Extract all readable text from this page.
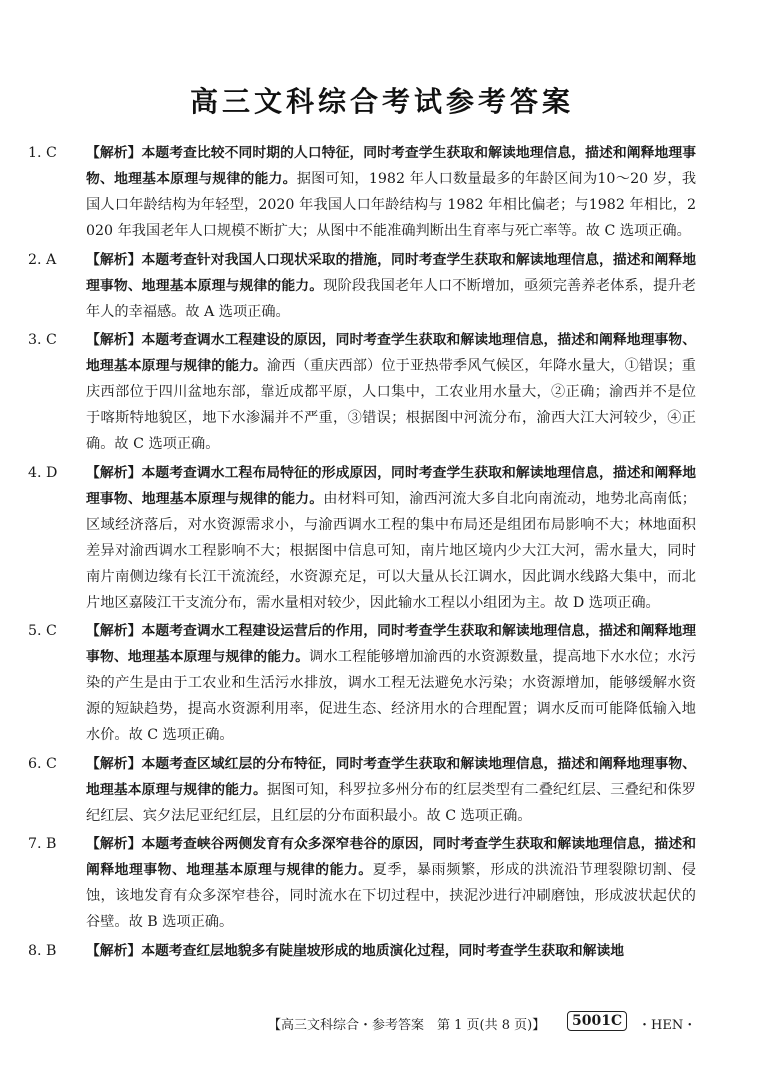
高三文科综合考试参考答案
1. C	【解析】本题考查比较不同时期的人口特征，同时考查学生获取和解读地理信息，描述和阐释地理事物、地理基本原理与规律的能力。据图可知，1982 年人口数量最多的年龄区间为10～20 岁，我国人口年龄结构为年轻型，2020 年我国人口年龄结构与 1982 年相比偏老；与1982 年相比，2020 年我国老年人口规模不断扩大；从图中不能准确判断出生育率与死亡率等。故 C 选项正确。
2. A	【解析】本题考查针对我国人口现状采取的措施，同时考查学生获取和解读地理信息，描述和阐释地理事物、地理基本原理与规律的能力。现阶段我国老年人口不断增加，亟须完善养老体系，提升老年人的幸福感。故 A 选项正确。
3. C	【解析】本题考查调水工程建设的原因，同时考查学生获取和解读地理信息，描述和阐释地理事物、地理基本原理与规律的能力。渝西（重庆西部）位于亚热带季风气候区，年降水量大，①错误；重庆西部位于四川盆地东部，靠近成都平原，人口集中，工农业用水量大，②正确；渝西并不是位于喀斯特地貌区，地下水渗漏并不严重，③错误；根据图中河流分布，渝西大江大河较少，④正确。故 C 选项正确。
4. D	【解析】本题考查调水工程布局特征的形成原因，同时考查学生获取和解读地理信息，描述和阐释地理事物、地理基本原理与规律的能力。由材料可知，渝西河流大多自北向南流动，地势北高南低；区域经济落后，对水资源需求小，与渝西调水工程的集中布局还是组团布局影响不大；林地面积差异对渝西调水工程影响不大；根据图中信息可知，南片地区境内少大江大河，需水量大，同时南片南侧边缘有长江干流流经，水资源充足，可以大量从长江调水，因此调水线路大集中，而北片地区嘉陵江干支流分布，需水量相对较少，因此输水工程以小组团为主。故 D 选项正确。
5. C	【解析】本题考查调水工程建设运营后的作用，同时考查学生获取和解读地理信息，描述和阐释地理事物、地理基本原理与规律的能力。调水工程能够增加渝西的水资源数量，提高地下水水位；水污染的产生是由于工农业和生活污水排放，调水工程无法避免水污染；水资源增加，能够缓解水资源的短缺趋势，提高水资源利用率，促进生态、经济用水的合理配置；调水反而可能降低输入地水价。故 C 选项正确。
6. C	【解析】本题考查区域红层的分布特征，同时考查学生获取和解读地理信息，描述和阐释地理事物、地理基本原理与规律的能力。据图可知，科罗拉多州分布的红层类型有二叠纪红层、三叠纪和侏罗纪红层、宾夕法尼亚纪红层，且红层的分布面积最小。故 C 选项正确。
7. B	【解析】本题考查峡谷两侧发育有众多深窄巷谷的原因，同时考查学生获取和解读地理信息，描述和阐释地理事物、地理基本原理与规律的能力。夏季，暴雨频繁，形成的洪流沿节理裂隙切割、侵蚀，该地发育有众多深窄巷谷，同时流水在下切过程中，挟泥沙进行冲刷磨蚀，形成波状起伏的谷壁。故 B 选项正确。
8. B	【解析】本题考查红层地貌多有陡崖坡形成的地质演化过程，同时考查学生获取和解读地
【高三文科综合・参考答案　第 1 页(共 8 页)】	5001C	・HEN・
